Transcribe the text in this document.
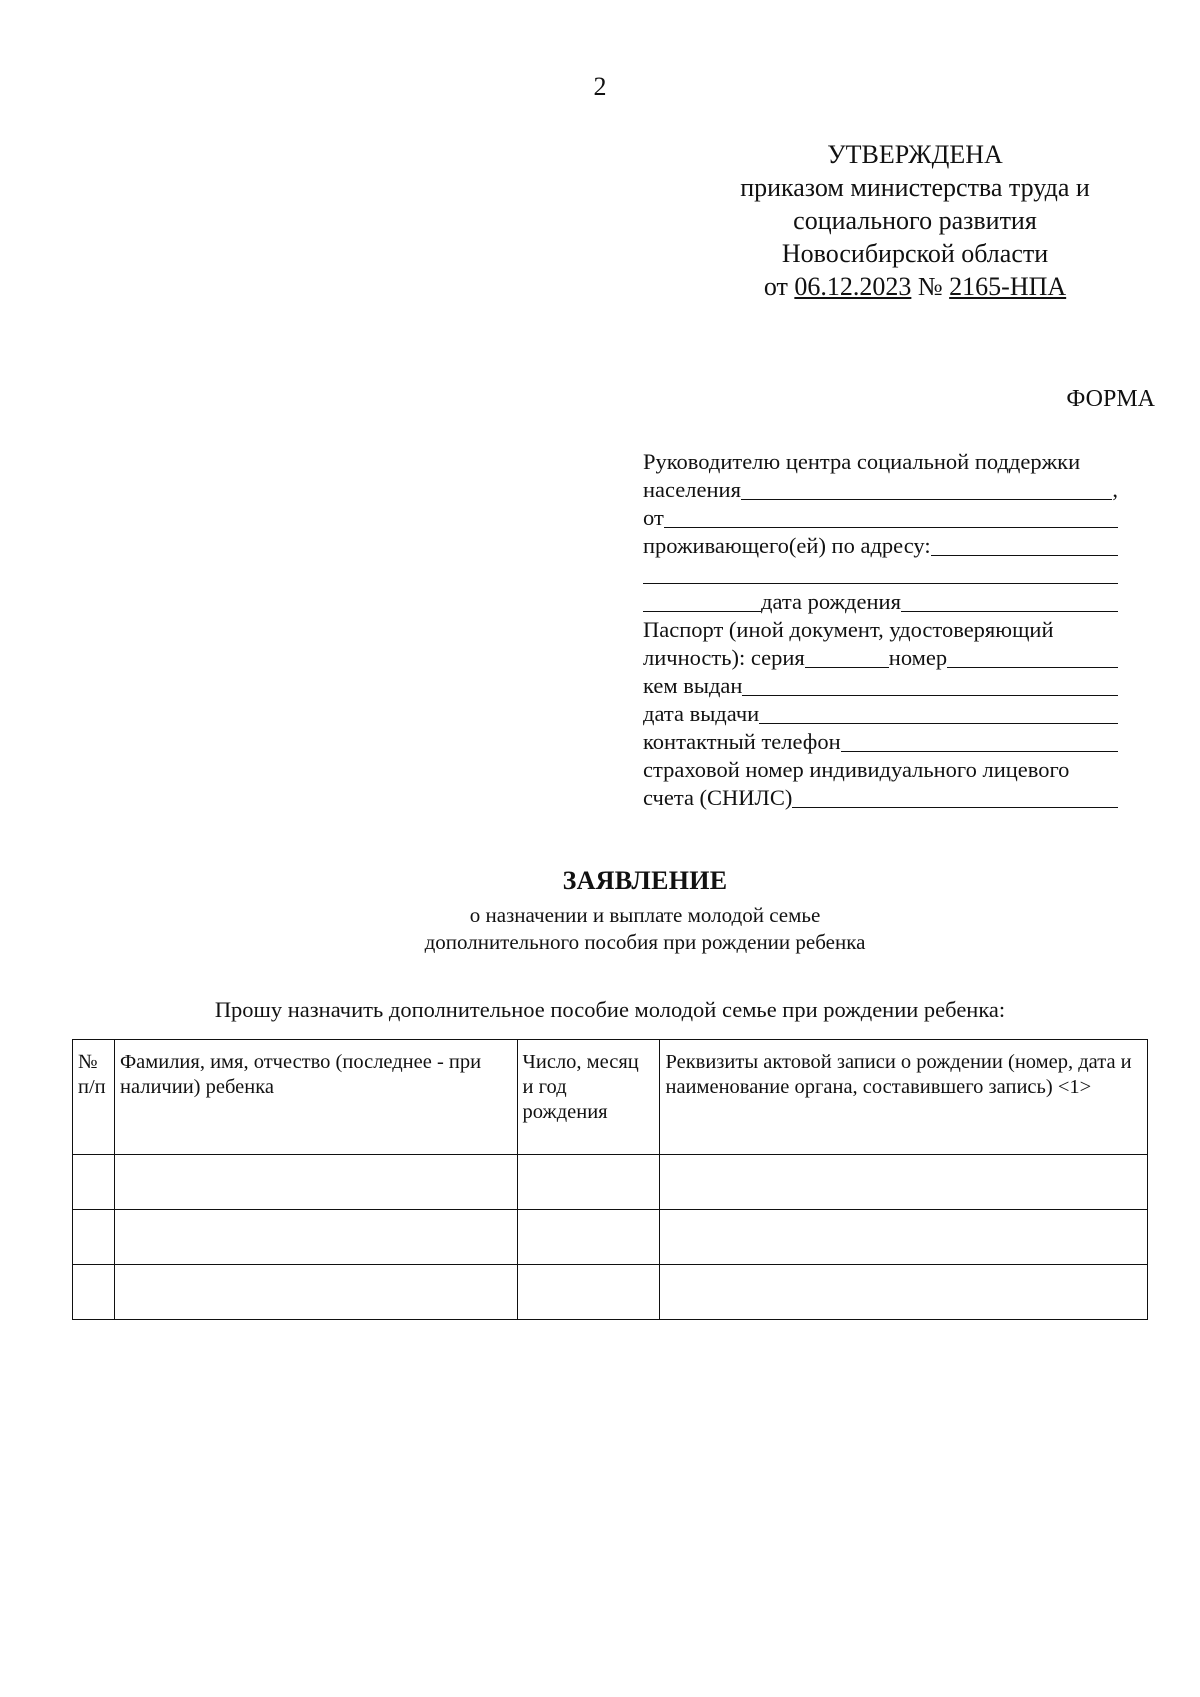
2
УТВЕРЖДЕНА
приказом министерства труда и
социального развития
Новосибирской области
от 06.12.2023 № 2165-НПА
ФОРМА
Руководителю центра социальной поддержки
населения	,
от
проживающего(ей) по адресу:
дата рождения
Паспорт (иной документ, удостоверяющий
личность): серия	номер
кем выдан
дата выдачи
контактный телефон
страховой номер индивидуального лицевого
счета (СНИЛС)
ЗАЯВЛЕНИЕ
о назначении и выплате молодой семье
дополнительного пособия при рождении ребенка
Прошу назначить дополнительное пособие молодой семье при рождении ребенка:
№ п/п	Фамилия, имя, отчество (последнее - при наличии) ребенка	Число, месяц и год рождения	Реквизиты актовой записи о рождении (номер, дата и наименование органа, составившего запись) <1>
